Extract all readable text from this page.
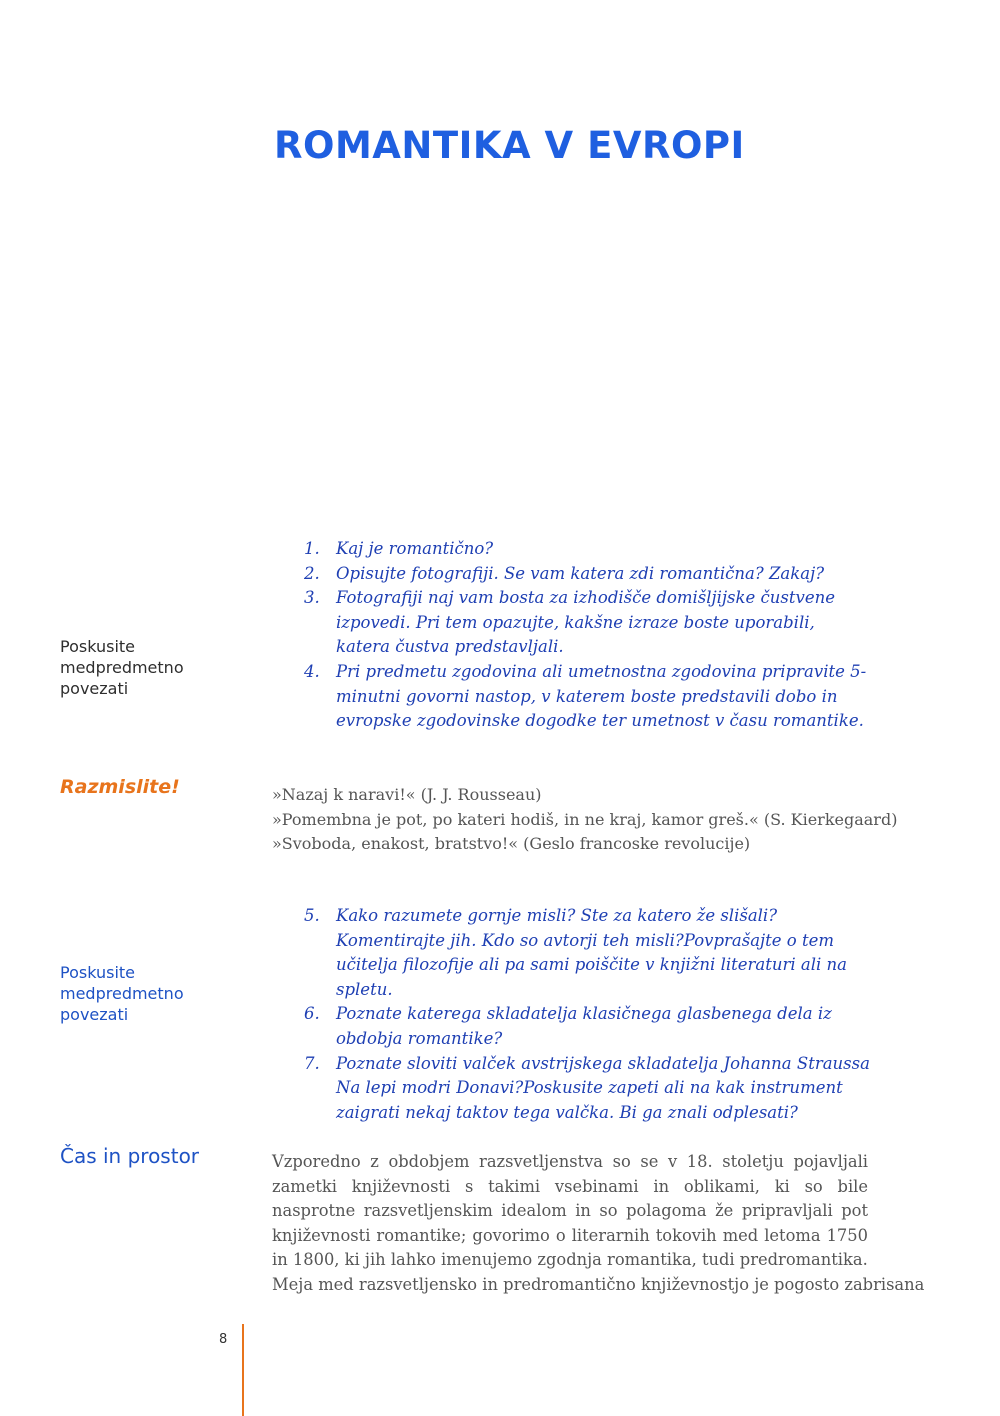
ROMANTIKA V EVROPI
Poskusite
medpredmetno
povezati
1. Kaj je romantično?
2. Opisujte fotografiji. Se vam katera zdi romantična? Zakaj?
3. Fotografiji naj vam bosta za izhodišče domišljijske čustvene izpovedi. Pri tem opazujte, kakšne izraze boste uporabili, katera čustva predstavljali.
4. Pri predmetu zgodovina ali umetnostna zgodovina pripravite 5-minutni govorni nastop, v katerem boste predstavili dobo in evropske zgodovinske dogodke ter umetnost v času romantike.
Razmislite!	»Nazaj k naravi!« (J. J. Rousseau)
»Pomembna je pot, po kateri hodiš, in ne kraj, kamor greš.« (S. Kierkegaard)
»Svoboda, enakost, bratstvo!« (Geslo francoske revolucije)
Poskusite
medpredmetno
povezati
5. Kako razumete gornje misli? Ste za katero že slišali? Komentirajte jih. Kdo so avtorji teh misli?Povprašajte o tem učitelja filozofije ali pa sami poiščite v knjižni literaturi ali na spletu.
6. Poznate katerega skladatelja klasičnega glasbenega dela iz obdobja romantike?
7. Poznate sloviti valček avstrijskega skladatelja Johanna Straussa Na lepi modri Donavi?Poskusite zapeti ali na kak instrument zaigrati nekaj taktov tega valčka. Bi ga znali odplesati?
Čas in prostor	Vzporedno z obdobjem razsvetljenstva so se v 18. stoletju pojavljali zametki književnosti s takimi vsebinami in oblikami, ki so bile nasprotne razsvetljenskim idealom in so polagoma že pripravljali pot književnosti romantike; govorimo o literarnih tokovih med letoma 1750 in 1800, ki jih lahko imenujemo zgodnja romantika, tudi predromantika.

Meja med razsvetljensko in predromantično književnostjo je pogosto zabrisana

8
